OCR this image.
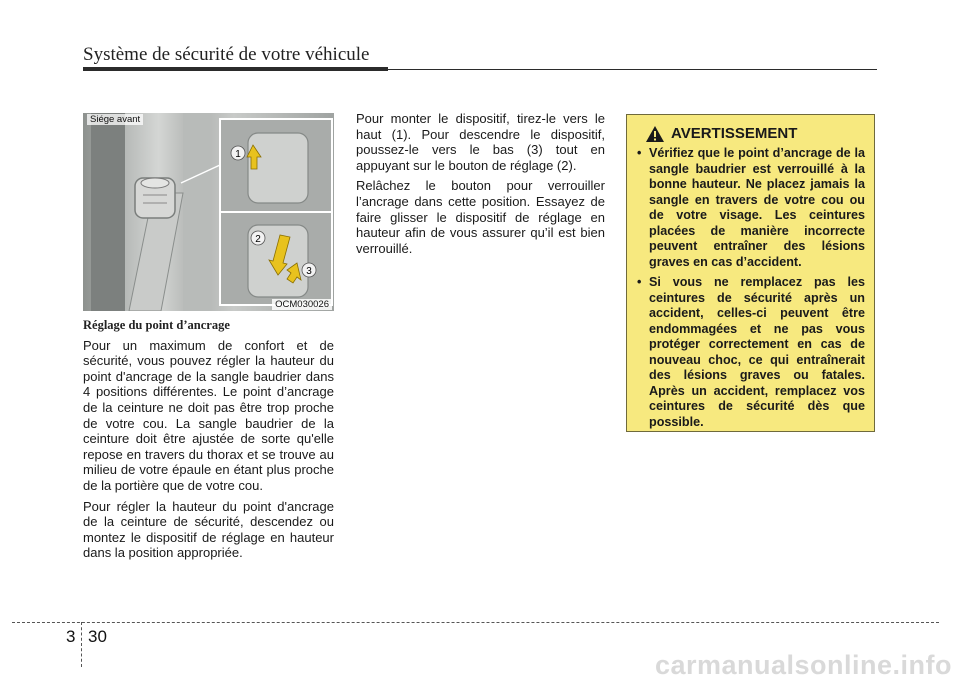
Système de sécurité de votre véhicule
1
2
3
Siége avant
OCM030026
Réglage du point d’ancrage

Pour un maximum de confort et de sécurité, vous pouvez régler la hauteur du point d'ancrage de la sangle baudrier dans 4 positions différentes. Le point d’ancrage de la ceinture ne doit pas être trop proche de votre cou. La sangle baudrier de la ceinture doit être ajustée de sorte qu'elle repose en travers du thorax et se trouve au milieu de votre épaule en étant plus proche de la portière que de votre cou.

Pour régler la hauteur du point d'ancrage de la ceinture de sécurité, descendez ou montez le dispositif de réglage en hauteur dans la position appropriée.

Pour monter le dispositif, tirez-le vers le haut (1). Pour descendre le dispositif, poussez-le vers le bas (3) tout en appuyant sur le bouton de réglage (2).

Relâchez le bouton pour verrouiller l’ancrage dans cette position. Essayez de faire glisser le dispositif de réglage en hauteur afin de vous assurer qu’il est bien verrouillé.

AVERTISSEMENT
• Vérifiez que le point d’ancrage de la sangle baudrier est verrouillé à la bonne hauteur. Ne placez jamais la sangle en travers de votre cou ou de votre visage. Les ceintures placées de manière incorrecte peuvent entraîner des lésions graves en cas d’accident.
• Si vous ne remplacez pas les ceintures de sécurité après un accident, celles-ci peuvent être endommagées et ne pas vous protéger correctement en cas de nouveau choc, ce qui entraînerait des lésions graves ou fatales. Après un accident, remplacez vos ceintures de sécurité dès que possible.
3 30
carmanualsonline.info
